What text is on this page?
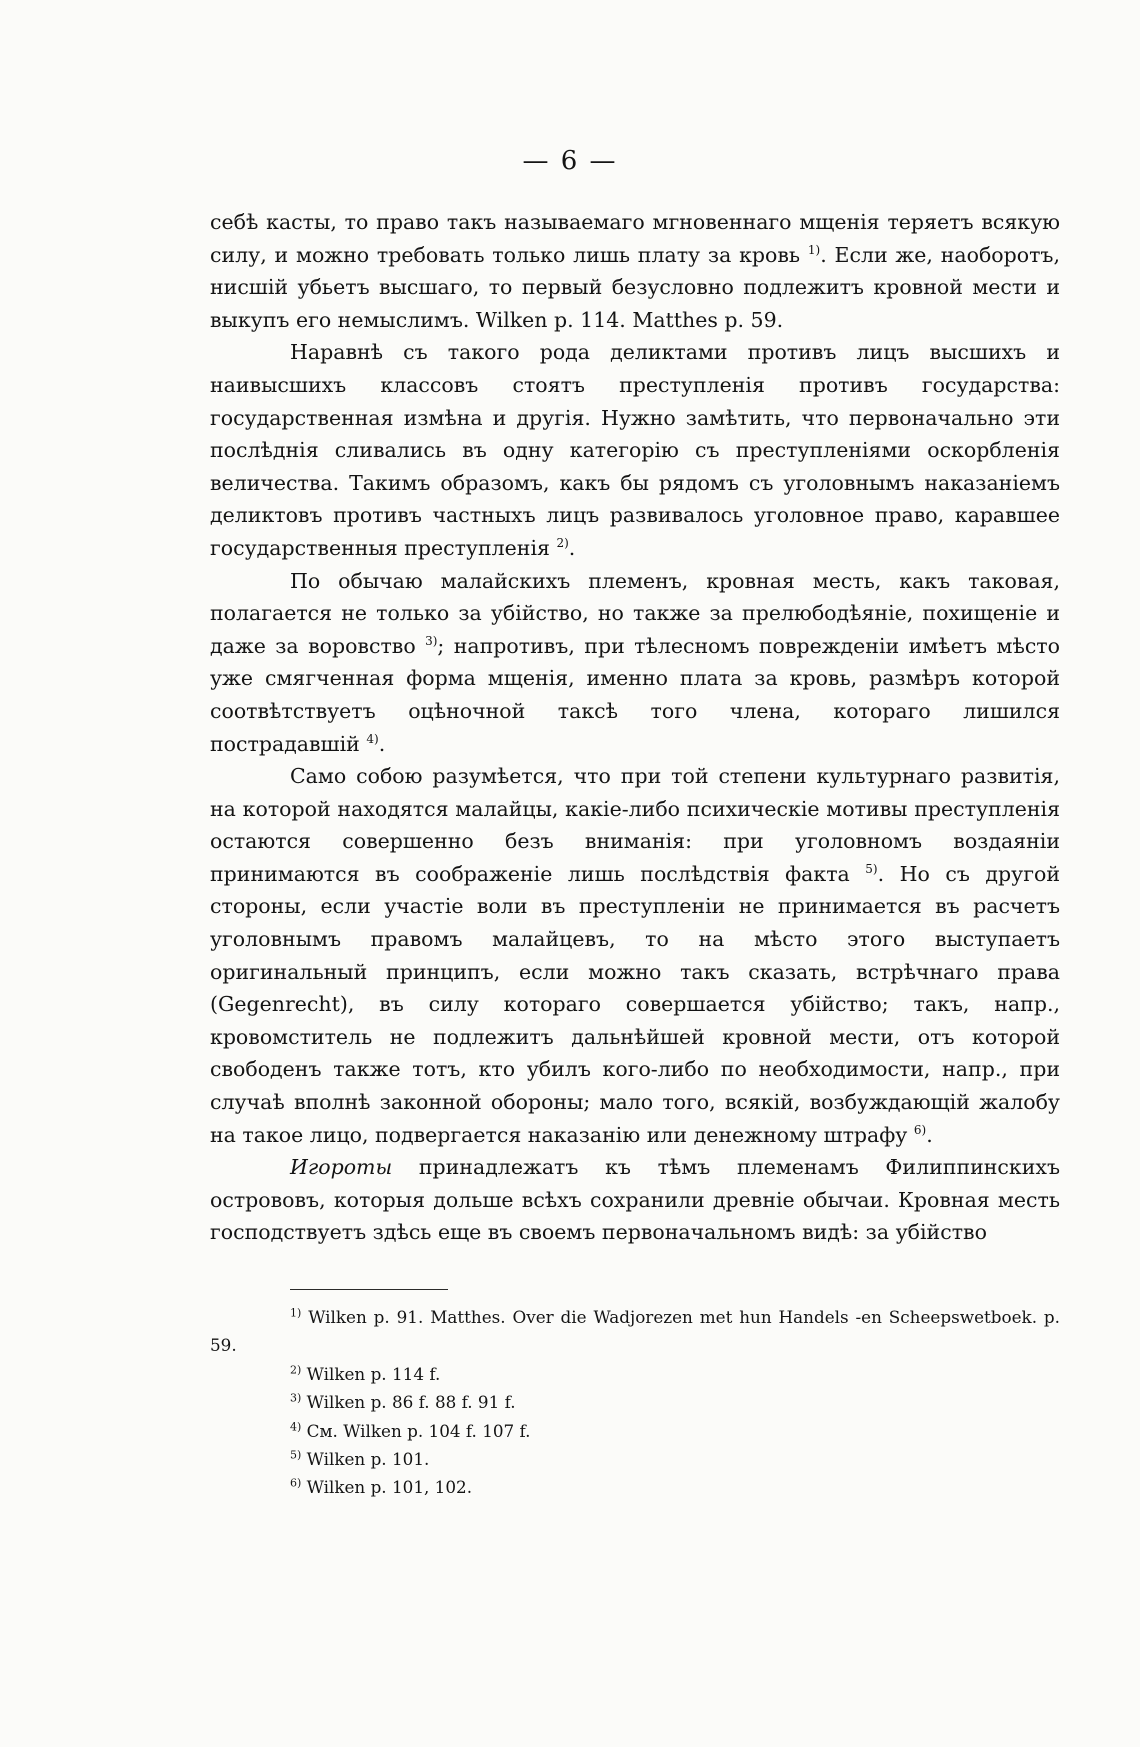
— 6 —

себѣ касты, то право такъ называемаго мгновеннаго мщенія теряетъ всякую силу, и можно требовать только лишь плату за кровь $^{1)}$. Если же, наоборотъ, нисшій убьетъ высшаго, то первый безусловно подлежитъ кровной мести и выкупъ его немыслимъ. Wilken p. 114. Matthes p. 59.

Наравнѣ съ такого рода деликтами противъ лицъ высшихъ и наивысшихъ классовъ стоятъ преступленія противъ государства: государственная измѣна и другія. Нужно замѣтить, что первоначально эти послѣднія сливались въ одну категорію съ преступленіями оскорбленія величества. Такимъ образомъ, какъ бы рядомъ съ уголовнымъ наказаніемъ деликтовъ противъ частныхъ лицъ развивалось уголовное право, каравшее государственныя преступленія $^{2)}$.

По обычаю малайскихъ племенъ, кровная месть, какъ таковая, полагается не только за убійство, но также за прелюбодѣяніе, похищеніе и даже за воровство $^{3)}$; напротивъ, при тѣлесномъ поврежденіи имѣетъ мѣсто уже смягченная форма мщенія, именно плата за кровь, размѣръ которой соотвѣтствуетъ оцѣночной таксѣ того члена, котораго лишился пострадавшій $^{4)}$.

Само собою разумѣется, что при той степени культурнаго развитія, на которой находятся малайцы, какіе-либо психическіе мотивы преступленія остаются совершенно безъ вниманія: при уголовномъ воздаяніи принимаются въ соображеніе лишь послѣдствія факта $^{5)}$. Но съ другой стороны, если участіе воли въ преступленіи не принимается въ расчетъ уголовнымъ правомъ малайцевъ, то на мѣсто этого выступаетъ оригинальный принципъ, если можно такъ сказать, встрѣчнаго права (Gegenrecht), въ силу котораго совершается убійство; такъ, напр., кровомститель не подлежитъ дальнѣйшей кровной мести, отъ которой свободенъ также тотъ, кто убилъ кого-либо по необходимости, напр., при случаѣ вполнѣ законной обороны; мало того, всякій, возбуждающій жалобу на такое лицо, подвергается наказанію или денежному штрафу $^{6)}$.

Игороты принадлежатъ къ тѣмъ племенамъ Филиппинскихъ острововъ, которыя дольше всѣхъ сохранили древніе обычаи. Кровная месть господствуетъ здѣсь еще въ своемъ первоначальномъ видѣ: за убійство

$^{1)}$ Wilken p. 91. Matthes. Over die Wadjorezen met hun Handels -en Scheepswetboek. p. 59.
$^{2)}$ Wilken p. 114 f.
$^{3)}$ Wilken p. 86 f. 88 f. 91 f.
$^{4)}$ См. Wilken p. 104 f. 107 f.
$^{5)}$ Wilken p. 101.
$^{6)}$ Wilken p. 101, 102.
